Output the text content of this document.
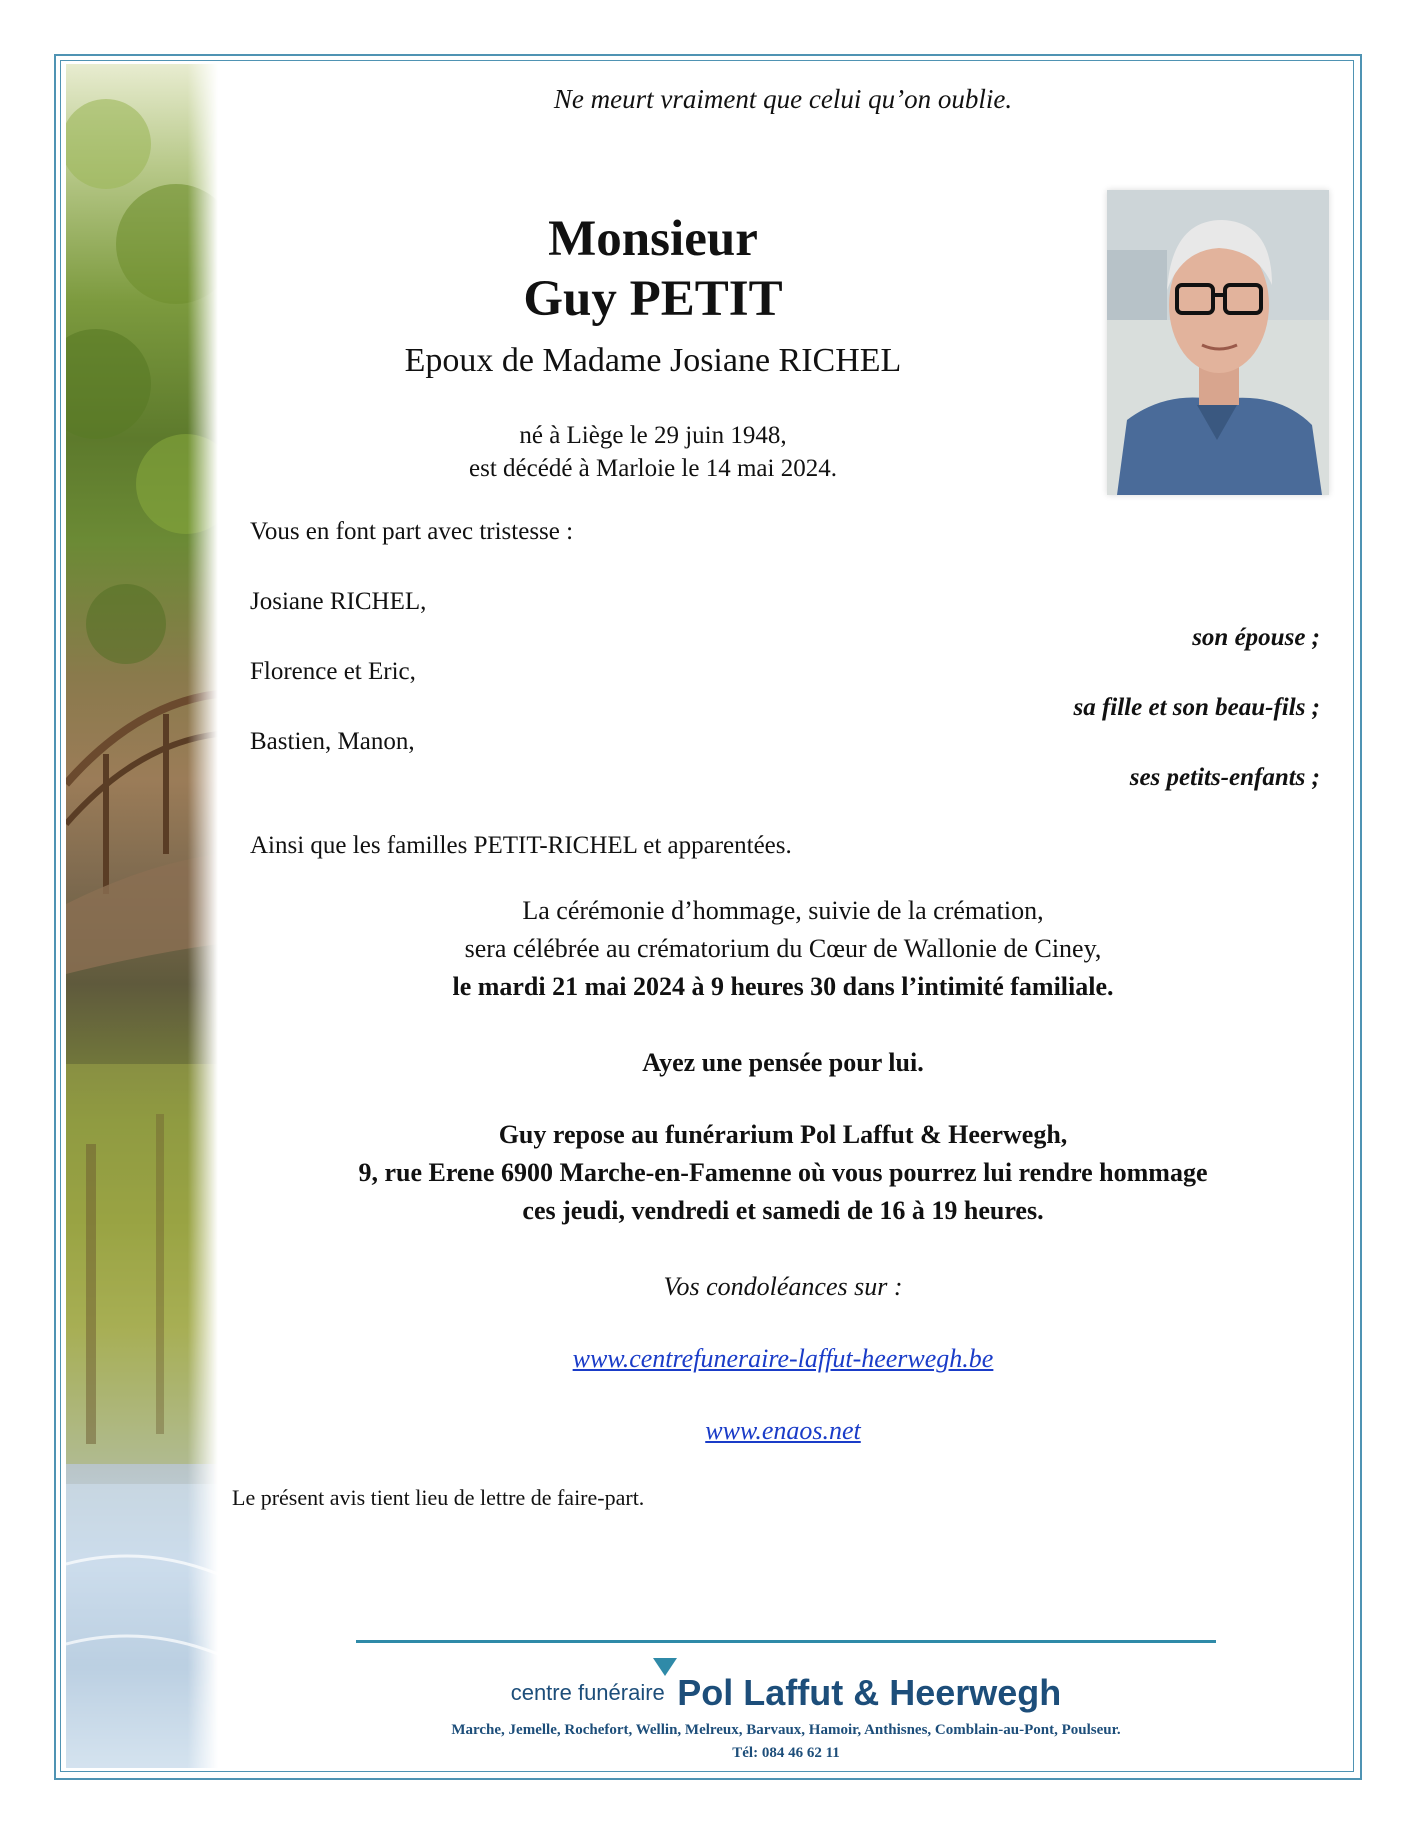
Ne meurt vraiment que celui qu’on oublie.
Monsieur
Guy PETIT
Epoux de Madame Josiane RICHEL
né à Liège le 29 juin 1948,
est décédé à Marloie le 14 mai 2024.
Vous en font part avec tristesse :
Josiane RICHEL,
son épouse ;
Florence et Eric,
sa fille et son beau-fils ;
Bastien, Manon,
ses petits-enfants ;
Ainsi que les familles PETIT-RICHEL et apparentées.
La cérémonie d’hommage, suivie de la crémation,
sera célébrée au crématorium du Cœur de Wallonie de Ciney,
le mardi 21 mai 2024 à 9 heures 30 dans l’intimité familiale.
Ayez une pensée pour lui.
Guy repose au funérarium Pol Laffut & Heerwegh,
9, rue Erene 6900 Marche-en-Famenne où vous pourrez lui rendre hommage
ces jeudi, vendredi et samedi de 16 à 19 heures.
Vos condoléances sur :
www.centrefuneraire-laffut-heerwegh.be
www.enaos.net
Le présent avis tient lieu de lettre de faire-part.
centre funéraire Pol Laffut & Heerwegh
Marche, Jemelle, Rochefort, Wellin, Melreux, Barvaux, Hamoir, Anthisnes, Comblain-au-Pont, Poulseur.
Tél: 084 46 62 11
